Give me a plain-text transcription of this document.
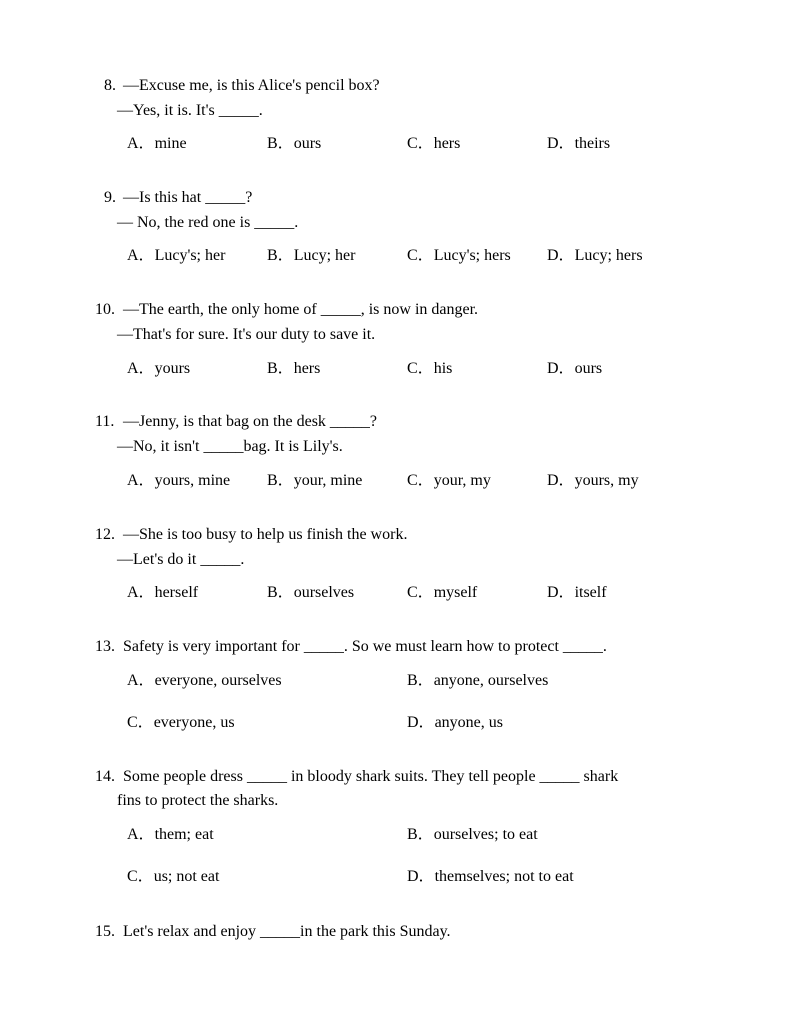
8. —Excuse me, is this Alice's pencil box?
—Yes, it is. It's _____.
A．mine	B．ours	C．hers	D．theirs
9. —Is this hat _____?
— No, the red one is _____.
A．Lucy's; her	B．Lucy; her	C．Lucy's; hers D．Lucy; hers
10. —The earth, the only home of _____, is now in danger.
—That's for sure. It's our duty to save it.
A．yours	B．hers	C．his	D．ours
11. —Jenny, is that bag on the desk _____?
—No, it isn't _____bag. It is Lily's.
A．yours, mine B．your, mine	C．your, my	D．yours, my
12. —She is too busy to help us finish the work.
—Let's do it _____.
A．herself	B．ourselves	C．myself	D．itself
13. Safety is very important for _____. So we must learn how to protect _____.
A．everyone, ourselves	B．anyone, ourselves
C．everyone, us	D．anyone, us
14. Some people dress _____ in bloody shark suits. They tell people _____ shark
fins to protect the sharks.
A．them; eat	B．ourselves; to eat
C．us; not eat	D．themselves; not to eat
15. Let's relax and enjoy _____in the park this Sunday.
